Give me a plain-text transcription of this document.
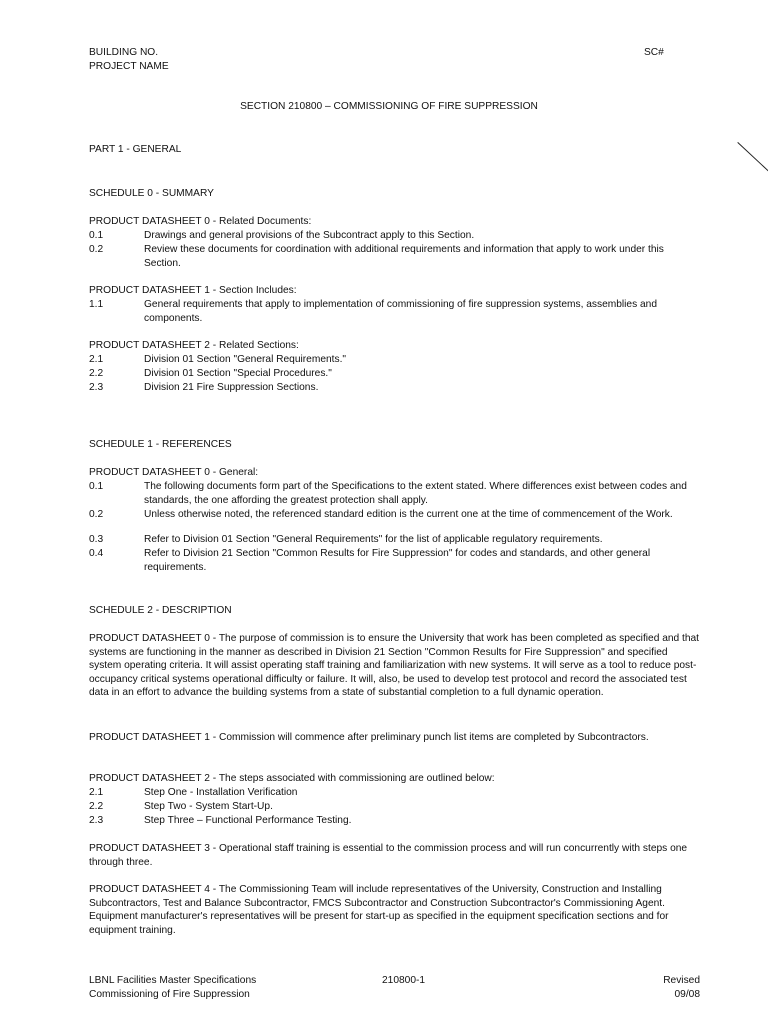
BUILDING NO.
PROJECT NAME
SC#
SECTION 210800 – COMMISSIONING OF FIRE SUPPRESSION
PART 1 - GENERAL
SCHEDULE 0 - SUMMARY
PRODUCT DATASHEET 0 - Related Documents:
0.1	Drawings and general provisions of the Subcontract apply to this Section.
0.2	Review these documents for coordination with additional requirements and information that apply to work under this Section.
PRODUCT DATASHEET 1 - Section Includes:
1.1	General requirements that apply to implementation of commissioning of fire suppression systems, assemblies and components.
PRODUCT DATASHEET 2 - Related Sections:
2.1	Division 01 Section "General Requirements."
2.2	Division 01 Section "Special Procedures."
2.3	Division 21 Fire Suppression Sections.
SCHEDULE 1 - REFERENCES
PRODUCT DATASHEET 0 - General:
0.1	The following documents form part of the Specifications to the extent stated. Where differences exist between codes and standards, the one affording the greatest protection shall apply.
0.2	Unless otherwise noted, the referenced standard edition is the current one at the time of commencement of the Work.
0.3	Refer to Division 01 Section "General Requirements" for the list of applicable regulatory requirements.
0.4	Refer to Division 21 Section "Common Results for Fire Suppression" for codes and standards, and other general requirements.
SCHEDULE 2 - DESCRIPTION
PRODUCT DATASHEET 0 - The purpose of commission is to ensure the University that work has been completed as specified and that systems are functioning in the manner as described in Division 21 Section "Common Results for Fire Suppression" and specified system operating criteria. It will assist operating staff training and familiarization with new systems. It will serve as a tool to reduce post-occupancy critical systems operational difficulty or failure. It will, also, be used to develop test protocol and record the associated test data in an effort to advance the building systems from a state of substantial completion to a full dynamic operation.
PRODUCT DATASHEET 1 - Commission will commence after preliminary punch list items are completed by Subcontractors.
PRODUCT DATASHEET 2 - The steps associated with commissioning are outlined below:
2.1	Step One - Installation Verification
2.2	Step Two - System Start-Up.
2.3	Step Three – Functional Performance Testing.
PRODUCT DATASHEET 3 - Operational staff training is essential to the commission process and will run concurrently with steps one through three.
PRODUCT DATASHEET 4 - The Commissioning Team will include representatives of the University, Construction and Installing Subcontractors, Test and Balance Subcontractor, FMCS Subcontractor and Construction Subcontractor's Commissioning Agent. Equipment manufacturer's representatives will be present for start-up as specified in the equipment specification sections and for equipment training.
LBNL Facilities Master Specifications
Commissioning of Fire Suppression
210800-1	Revised
09/08
